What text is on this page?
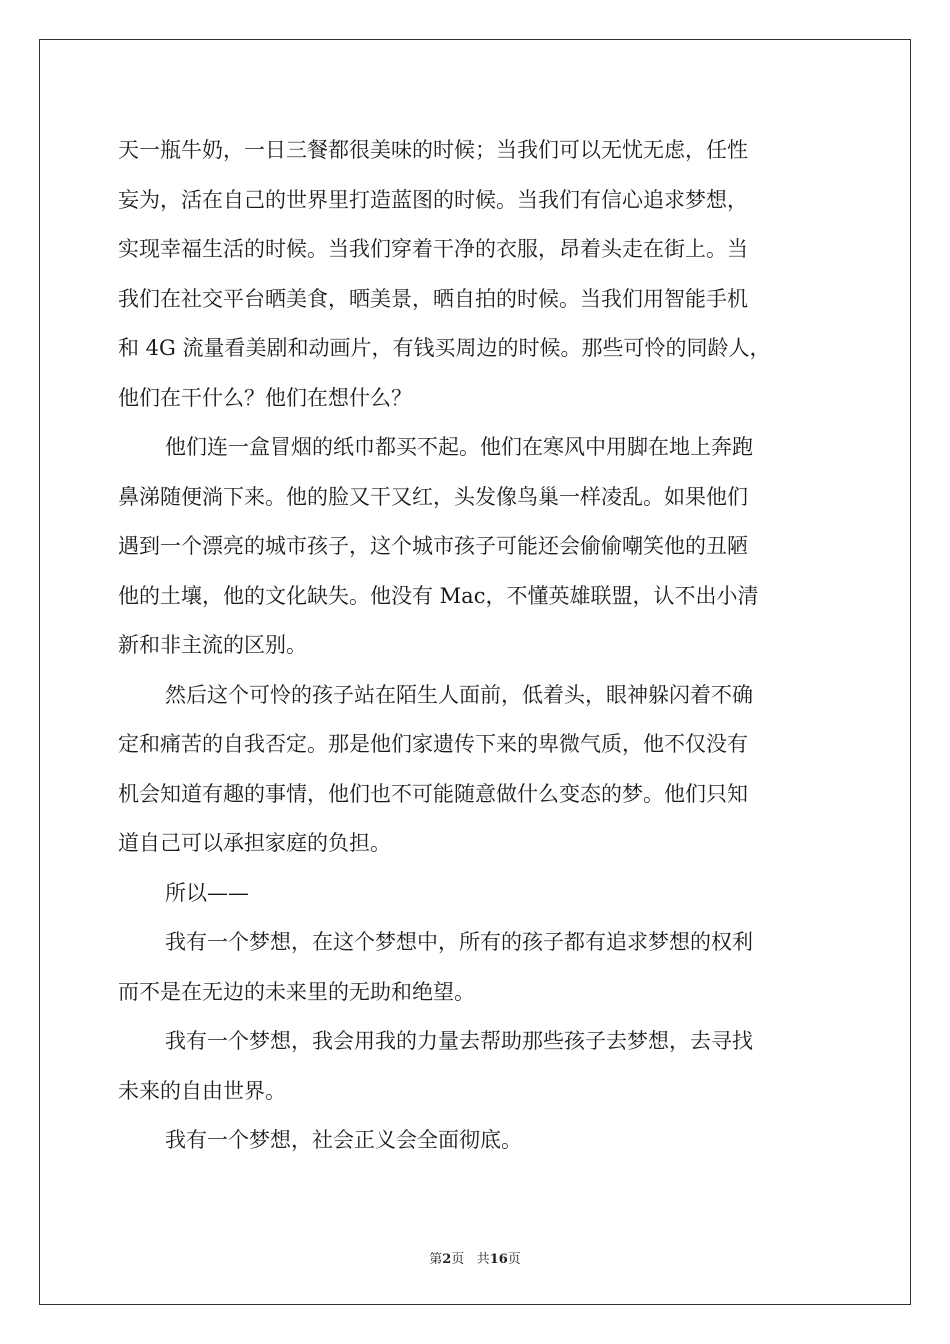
天一瓶牛奶，一日三餐都很美味的时候；当我们可以无忧无虑，任性
妄为，活在自己的世界里打造蓝图的时候。当我们有信心追求梦想，
实现幸福生活的时候。当我们穿着干净的衣服，昂着头走在街上。当
我们在社交平台晒美食，晒美景，晒自拍的时候。当我们用智能手机
和 4G 流量看美剧和动画片，有钱买周边的时候。那些可怜的同龄人，
他们在干什么？他们在想什么？
他们连一盒冒烟的纸巾都买不起。他们在寒风中用脚在地上奔跑
鼻涕随便淌下来。他的脸又干又红，头发像鸟巢一样凌乱。如果他们
遇到一个漂亮的城市孩子，这个城市孩子可能还会偷偷嘲笑他的丑陋
他的土壤，他的文化缺失。他没有 Mac，不懂英雄联盟，认不出小清
新和非主流的区别。
然后这个可怜的孩子站在陌生人面前，低着头，眼神躲闪着不确
定和痛苦的自我否定。那是他们家遗传下来的卑微气质，他不仅没有
机会知道有趣的事情，他们也不可能随意做什么变态的梦。他们只知
道自己可以承担家庭的负担。
所以——
我有一个梦想，在这个梦想中，所有的孩子都有追求梦想的权利
而不是在无边的未来里的无助和绝望。
我有一个梦想，我会用我的力量去帮助那些孩子去梦想，去寻找
未来的自由世界。
我有一个梦想，社会正义会全面彻底。
第2页 共16页
